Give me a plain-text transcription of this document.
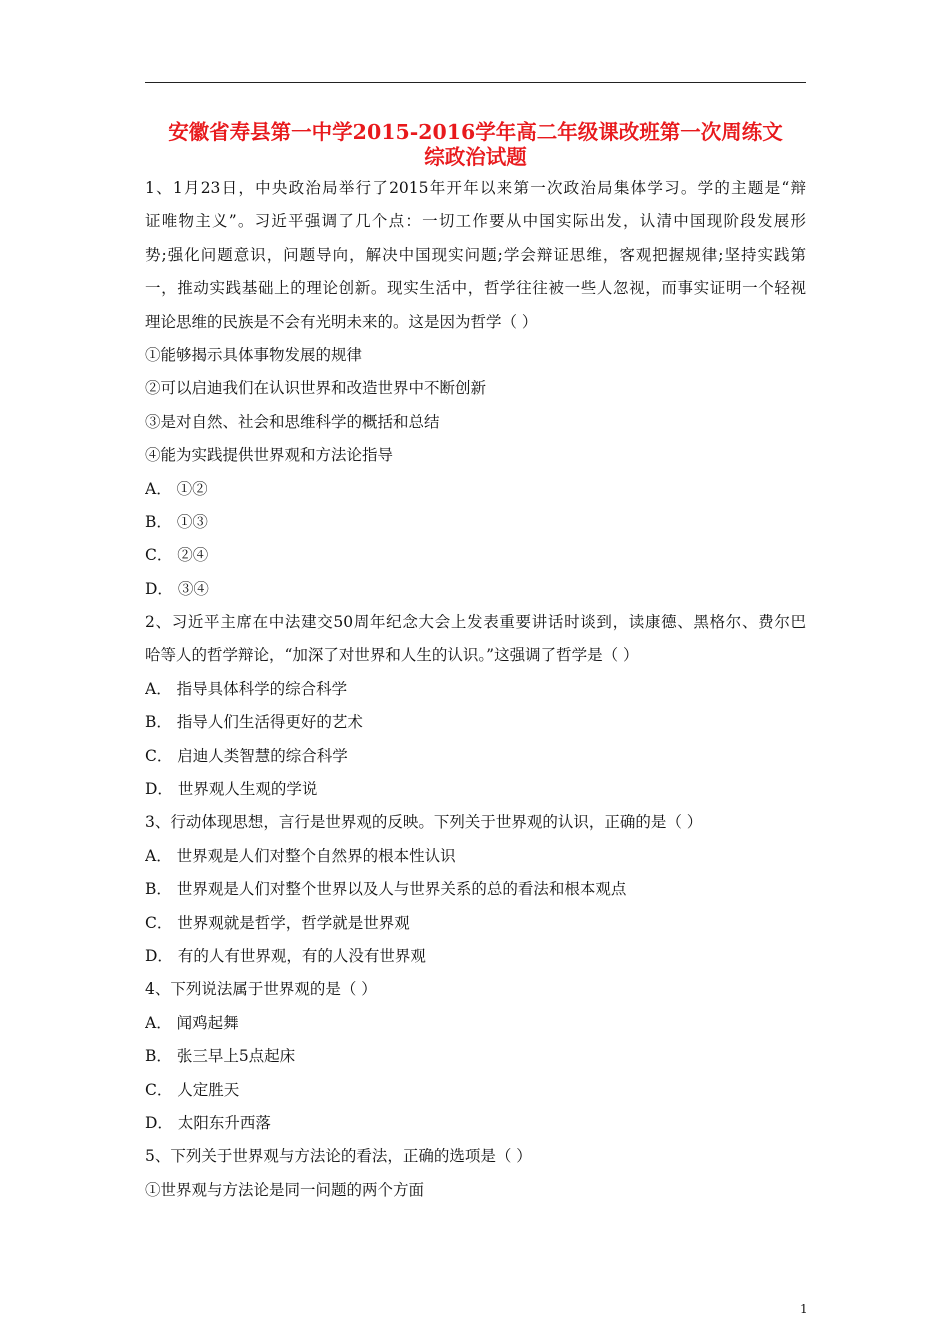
安徽省寿县第一中学2015-2016学年高二年级课改班第一次周练文
综政治试题
1、1月23日，中央政治局举行了2015年开年以来第一次政治局集体学习。学的主题是“辩
证唯物主义”。习近平强调了几个点：一切工作要从中国实际出发，认清中国现阶段发展形
势;强化问题意识，问题导向，解决中国现实问题;学会辩证思维，客观把握规律;坚持实践第
一，推动实践基础上的理论创新。现实生活中，哲学往往被一些人忽视，而事实证明一个轻视
理论思维的民族是不会有光明未来的。这是因为哲学（ ）
①能够揭示具体事物发展的规律
②可以启迪我们在认识世界和改造世界中不断创新
③是对自然、社会和思维科学的概括和总结
④能为实践提供世界观和方法论指导
A． ①②
B． ①③
C． ②④
D． ③④
2、习近平主席在中法建交50周年纪念大会上发表重要讲话时谈到，读康德、黑格尔、费尔巴
哈等人的哲学辩论，“加深了对世界和人生的认识。”这强调了哲学是（ ）
A． 指导具体科学的综合科学
B． 指导人们生活得更好的艺术
C． 启迪人类智慧的综合科学
D． 世界观人生观的学说
3、行动体现思想，言行是世界观的反映。下列关于世界观的认识，正确的是（ ）
A． 世界观是人们对整个自然界的根本性认识
B． 世界观是人们对整个世界以及人与世界关系的总的看法和根本观点
C． 世界观就是哲学，哲学就是世界观
D． 有的人有世界观，有的人没有世界观
4、下列说法属于世界观的是（ ）
A． 闻鸡起舞
B． 张三早上5点起床
C． 人定胜天
D． 太阳东升西落
5、下列关于世界观与方法论的看法，正确的选项是（ ）
①世界观与方法论是同一问题的两个方面
1
